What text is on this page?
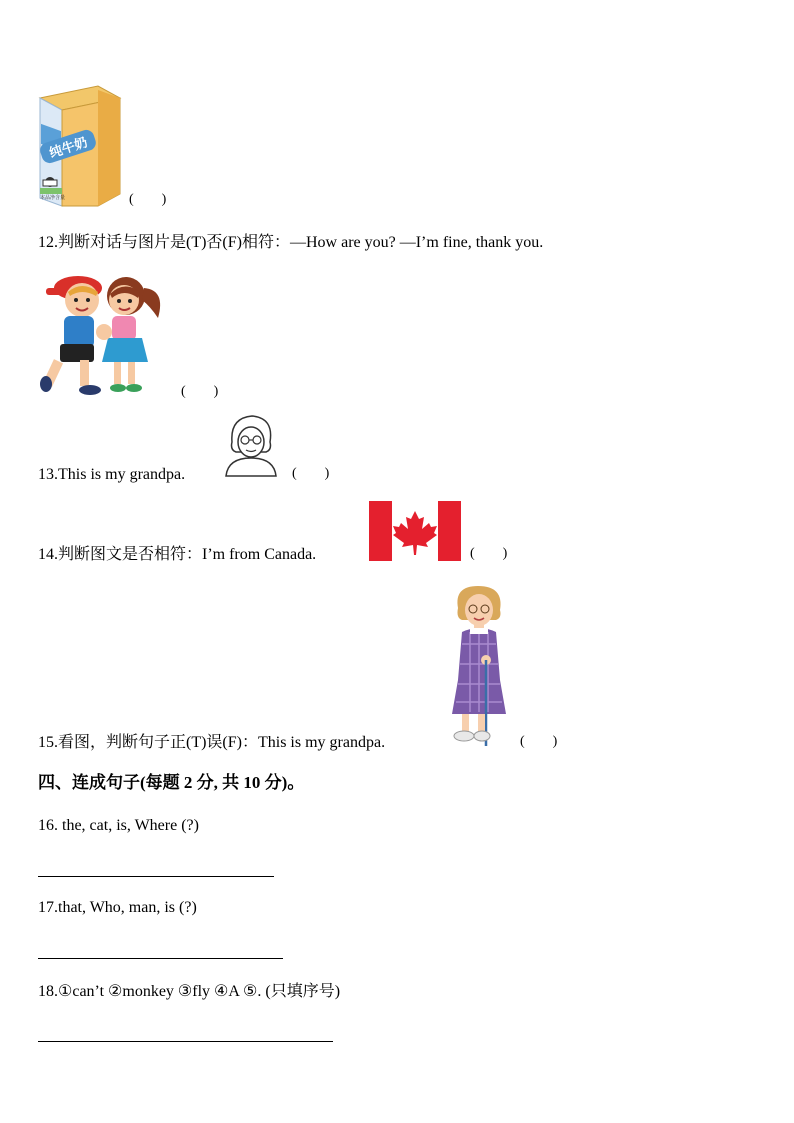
纯牛奶
本品净含量	(        )
12.判断对话与图片是(T)否(F)相符：—How are you? —I’m fine, thank you.
(        )
13.This is my grandpa.	(        )
14.判断图文是否相符：I’m from Canada.	(        )
15.看图，判断句子正(T)误(F)：This is my grandpa.	(        )
四、连成句子(每题 2 分, 共 10 分)。
16. the, cat, is, Where (?)
17.that, Who, man, is (?)
18.①can’t ②monkey ③fly ④A ⑤. (只填序号)
